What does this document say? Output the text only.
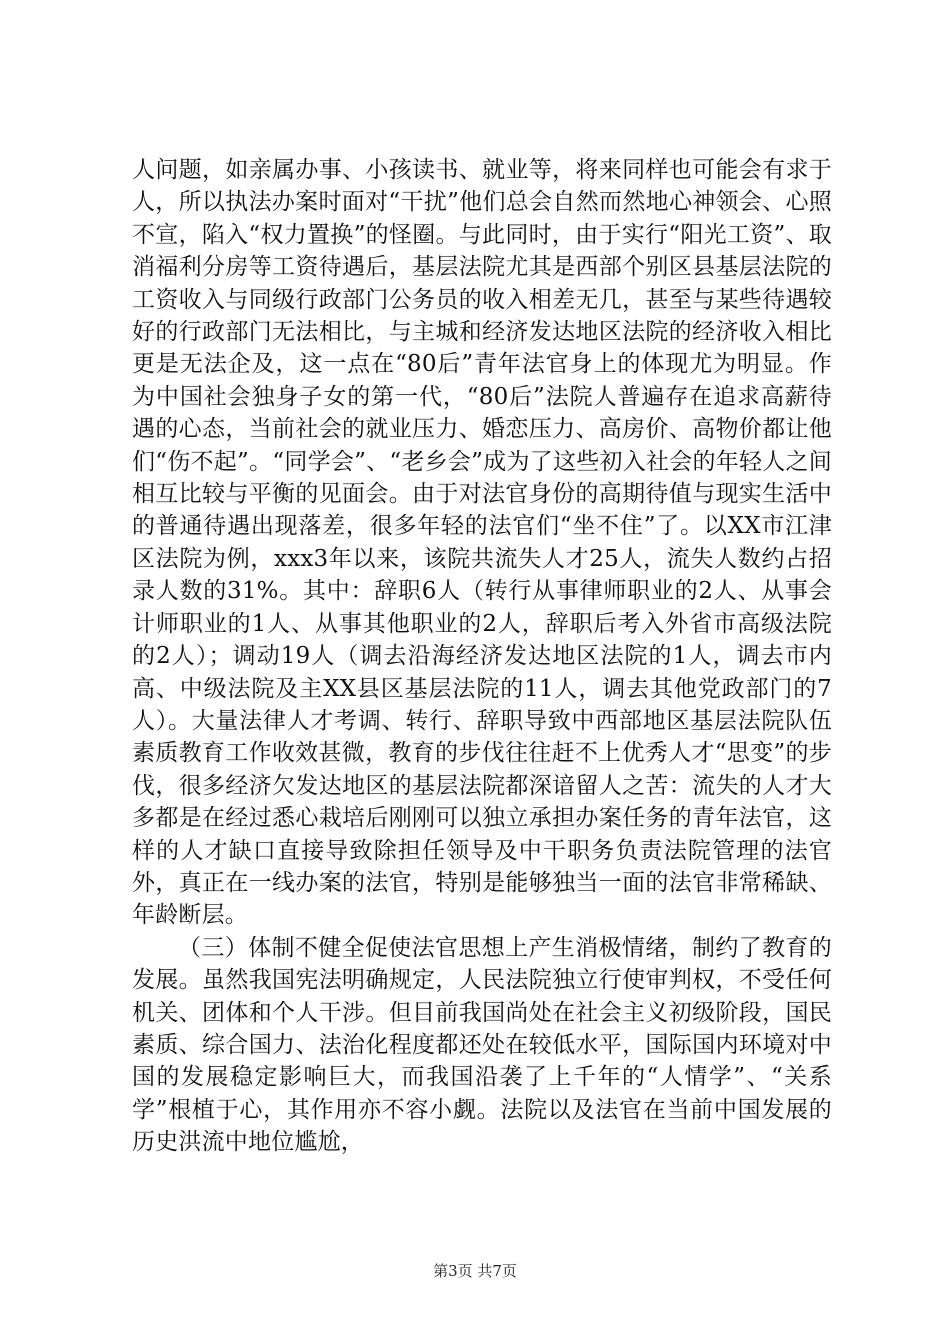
人问题，如亲属办事、小孩读书、就业等，将来同样也可能会有求于人，所以执法办案时面对“干扰”他们总会自然而然地心神领会、心照不宣，陷入“权力置换”的怪圈。与此同时，由于实行“阳光工资”、取消福利分房等工资待遇后，基层法院尤其是西部个别区县基层法院的工资收入与同级行政部门公务员的收入相差无几，甚至与某些待遇较好的行政部门无法相比，与主城和经济发达地区法院的经济收入相比更是无法企及，这一点在“80后”青年法官身上的体现尤为明显。作为中国社会独身子女的第一代，“80后”法院人普遍存在追求高薪待遇的心态，当前社会的就业压力、婚恋压力、高房价、高物价都让他们“伤不起”。“同学会”、“老乡会”成为了这些初入社会的年轻人之间相互比较与平衡的见面会。由于对法官身份的高期待值与现实生活中的普通待遇出现落差，很多年轻的法官们“坐不住”了。以XX市江津区法院为例，xxx3年以来，该院共流失人才25人，流失人数约占招录人数的31%。其中：辞职6人（转行从事律师职业的2人、从事会计师职业的1人、从事其他职业的2人，辞职后考入外省市高级法院的2人）；调动19人（调去沿海经济发达地区法院的1人，调去市内高、中级法院及主XX县区基层法院的11人，调去其他党政部门的7人）。大量法律人才考调、转行、辞职导致中西部地区基层法院队伍素质教育工作收效甚微，教育的步伐往往赶不上优秀人才“思变”的步伐，很多经济欠发达地区的基层法院都深谙留人之苦：流失的人才大多都是在经过悉心栽培后刚刚可以独立承担办案任务的青年法官，这样的人才缺口直接导致除担任领导及中干职务负责法院管理的法官外，真正在一线办案的法官，特别是能够独当一面的法官非常稀缺、年龄断层。

（三）体制不健全促使法官思想上产生消极情绪，制约了教育的发展。虽然我国宪法明确规定，人民法院独立行使审判权，不受任何机关、团体和个人干涉。但目前我国尚处在社会主义初级阶段，国民素质、综合国力、法治化程度都还处在较低水平，国际国内环境对中国的发展稳定影响巨大，而我国沿袭了上千年的“人情学”、“关系学”根植于心，其作用亦不容小觑。法院以及法官在当前中国发展的历史洪流中地位尴尬，

第3页 共7页
